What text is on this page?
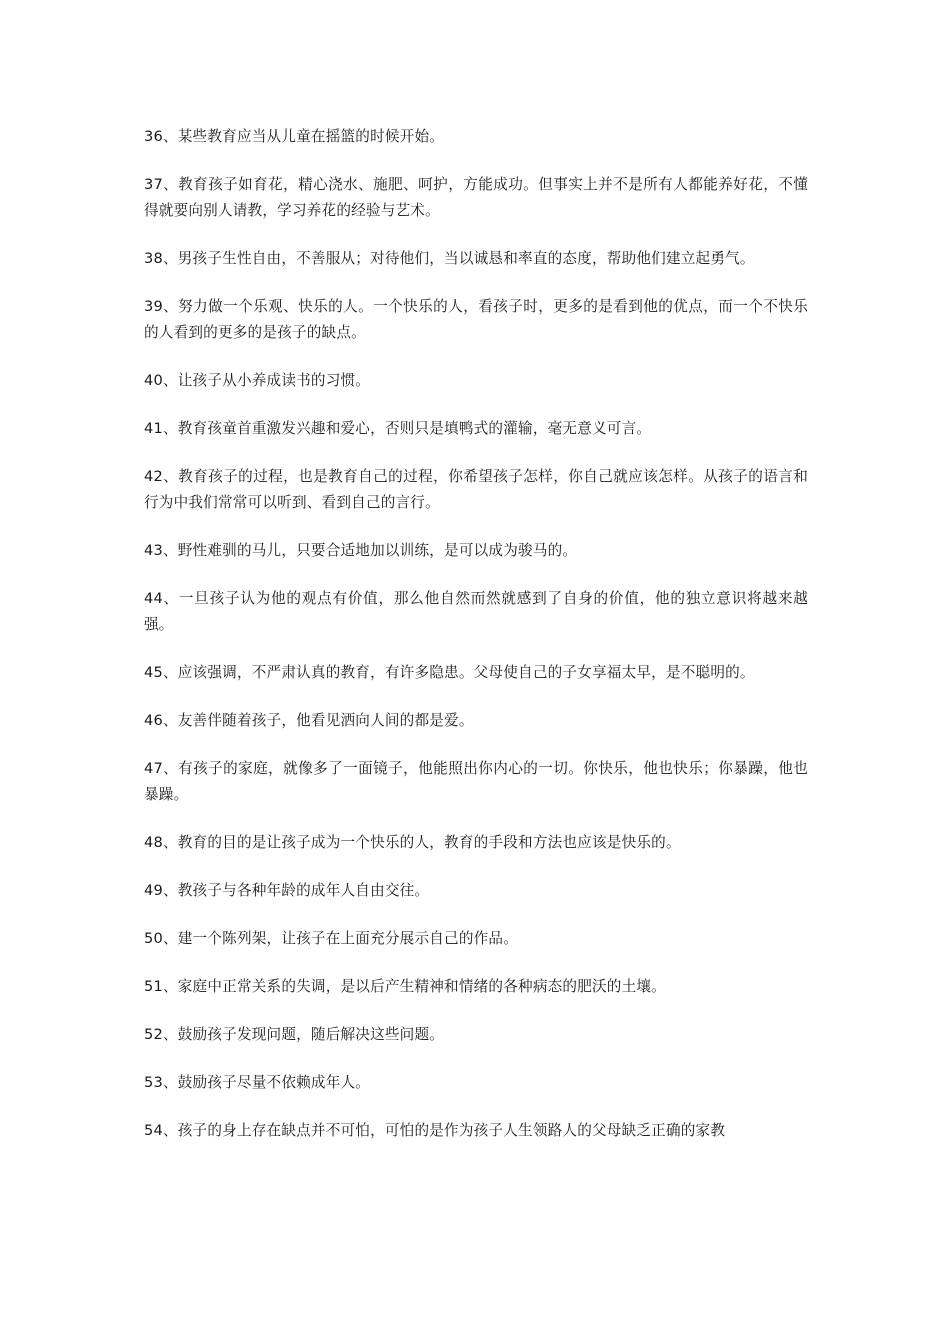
36、某些教育应当从儿童在摇篮的时候开始。

37、教育孩子如育花，精心浇水、施肥、呵护，方能成功。但事实上并不是所有人都能养好花，不懂得就要向别人请教，学习养花的经验与艺术。

38、男孩子生性自由，不善服从；对待他们，当以诚恳和率直的态度，帮助他们建立起勇气。

39、努力做一个乐观、快乐的人。一个快乐的人，看孩子时，更多的是看到他的优点，而一个不快乐的人看到的更多的是孩子的缺点。

40、让孩子从小养成读书的习惯。

41、教育孩童首重激发兴趣和爱心，否则只是填鸭式的灌输，毫无意义可言。

42、教育孩子的过程，也是教育自己的过程，你希望孩子怎样，你自己就应该怎样。从孩子的语言和行为中我们常常可以听到、看到自己的言行。

43、野性难驯的马儿，只要合适地加以训练，是可以成为骏马的。

44、一旦孩子认为他的观点有价值，那么他自然而然就感到了自身的价值，他的独立意识将越来越强。

45、应该强调，不严肃认真的教育，有许多隐患。父母使自己的子女享福太早，是不聪明的。

46、友善伴随着孩子，他看见洒向人间的都是爱。

47、有孩子的家庭，就像多了一面镜子，他能照出你内心的一切。你快乐，他也快乐；你暴躁，他也暴躁。

48、教育的目的是让孩子成为一个快乐的人，教育的手段和方法也应该是快乐的。

49、教孩子与各种年龄的成年人自由交往。

50、建一个陈列架，让孩子在上面充分展示自己的作品。

51、家庭中正常关系的失调，是以后产生精神和情绪的各种病态的肥沃的土壤。

52、鼓励孩子发现问题，随后解决这些问题。

53、鼓励孩子尽量不依赖成年人。

54、孩子的身上存在缺点并不可怕，可怕的是作为孩子人生领路人的父母缺乏正确的家教
